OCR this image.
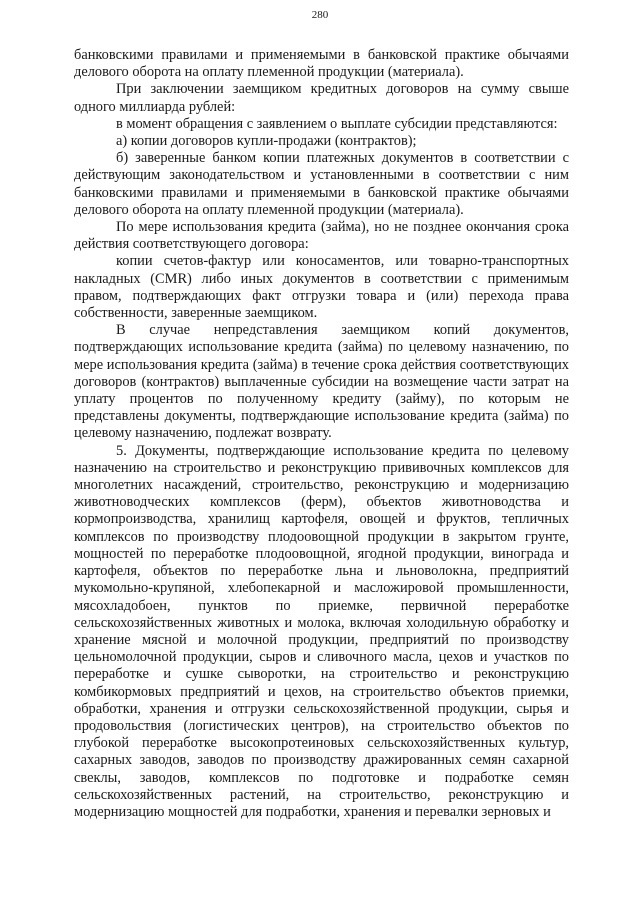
280

банковскими правилами и применяемыми в банковской практике обычаями делового оборота на оплату племенной продукции (материала).

При заключении заемщиком кредитных договоров на сумму свыше одного миллиарда рублей:

в момент обращения с заявлением о выплате субсидии представляются:

а) копии договоров купли-продажи (контрактов);

б) заверенные банком копии платежных документов в соответствии с действующим законодательством и установленными в соответствии с ним банковскими правилами и применяемыми в банковской практике обычаями делового оборота на оплату племенной продукции (материала).

По мере использования кредита (займа), но не позднее окончания срока действия соответствующего договора:

копии счетов-фактур или коносаментов, или товарно-транспортных накладных (CMR) либо иных документов в соответствии с применимым правом, подтверждающих факт отгрузки товара и (или) перехода права собственности, заверенные заемщиком.

В случае непредставления заемщиком копий документов, подтверждающих использование кредита (займа) по целевому назначению, по мере использования кредита (займа) в течение срока действия соответствующих договоров (контрактов) выплаченные субсидии на возмещение части затрат на уплату процентов по полученному кредиту (займу), по которым не представлены документы, подтверждающие использование кредита (займа) по целевому назначению, подлежат возврату.

5. Документы, подтверждающие использование кредита по целевому назначению на строительство и реконструкцию прививочных комплексов для многолетних насаждений, строительство, реконструкцию и модернизацию животноводческих комплексов (ферм), объектов животноводства и кормопроизводства, хранилищ картофеля, овощей и фруктов, тепличных комплексов по производству плодоовощной продукции в закрытом грунте, мощностей по переработке плодоовощной, ягодной продукции, винограда и картофеля, объектов по переработке льна и льноволокна, предприятий мукомольно-крупяной, хлебопекарной и масложировой промышленности, мясохладобоен, пунктов по приемке, первичной переработке сельскохозяйственных животных и молока, включая холодильную обработку и хранение мясной и молочной продукции, предприятий по производству цельномолочной продукции, сыров и сливочного масла, цехов и участков по переработке и сушке сыворотки, на строительство и реконструкцию комбикормовых предприятий и цехов, на строительство объектов приемки, обработки, хранения и отгрузки сельскохозяйственной продукции, сырья и продовольствия (логистических центров), на строительство объектов по глубокой переработке высокопротеиновых сельскохозяйственных культур, сахарных заводов, заводов по производству дражированных семян сахарной свеклы, заводов, комплексов по подготовке и подработке семян сельскохозяйственных растений, на строительство, реконструкцию и модернизацию мощностей для подработки, хранения и перевалки зерновых и
